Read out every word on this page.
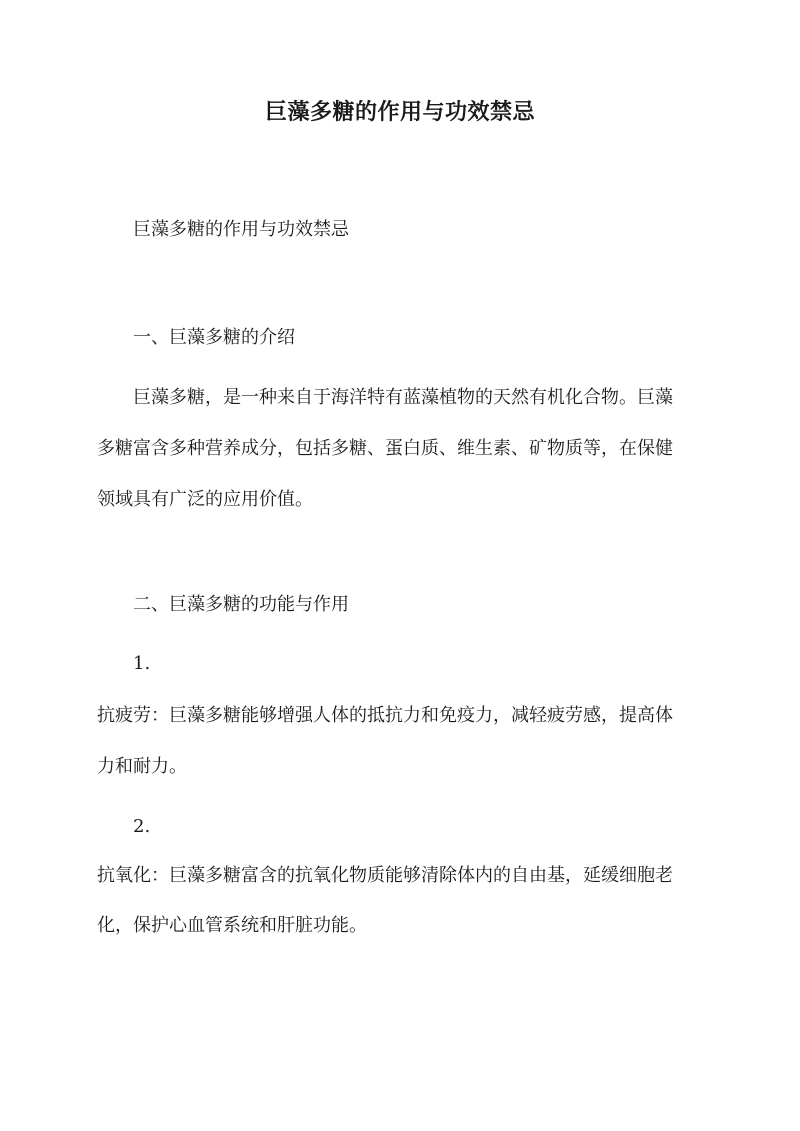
巨藻多糖的作用与功效禁忌
巨藻多糖的作用与功效禁忌
一、巨藻多糖的介绍
巨藻多糖，是一种来自于海洋特有蓝藻植物的天然有机化合物。巨藻
多糖富含多种营养成分，包括多糖、蛋白质、维生素、矿物质等，在保健
领域具有广泛的应用价值。
二、巨藻多糖的功能与作用
1.
抗疲劳：巨藻多糖能够增强人体的抵抗力和免疫力，减轻疲劳感，提高体
力和耐力。
2.
抗氧化：巨藻多糖富含的抗氧化物质能够清除体内的自由基，延缓细胞老
化，保护心血管系统和肝脏功能。
